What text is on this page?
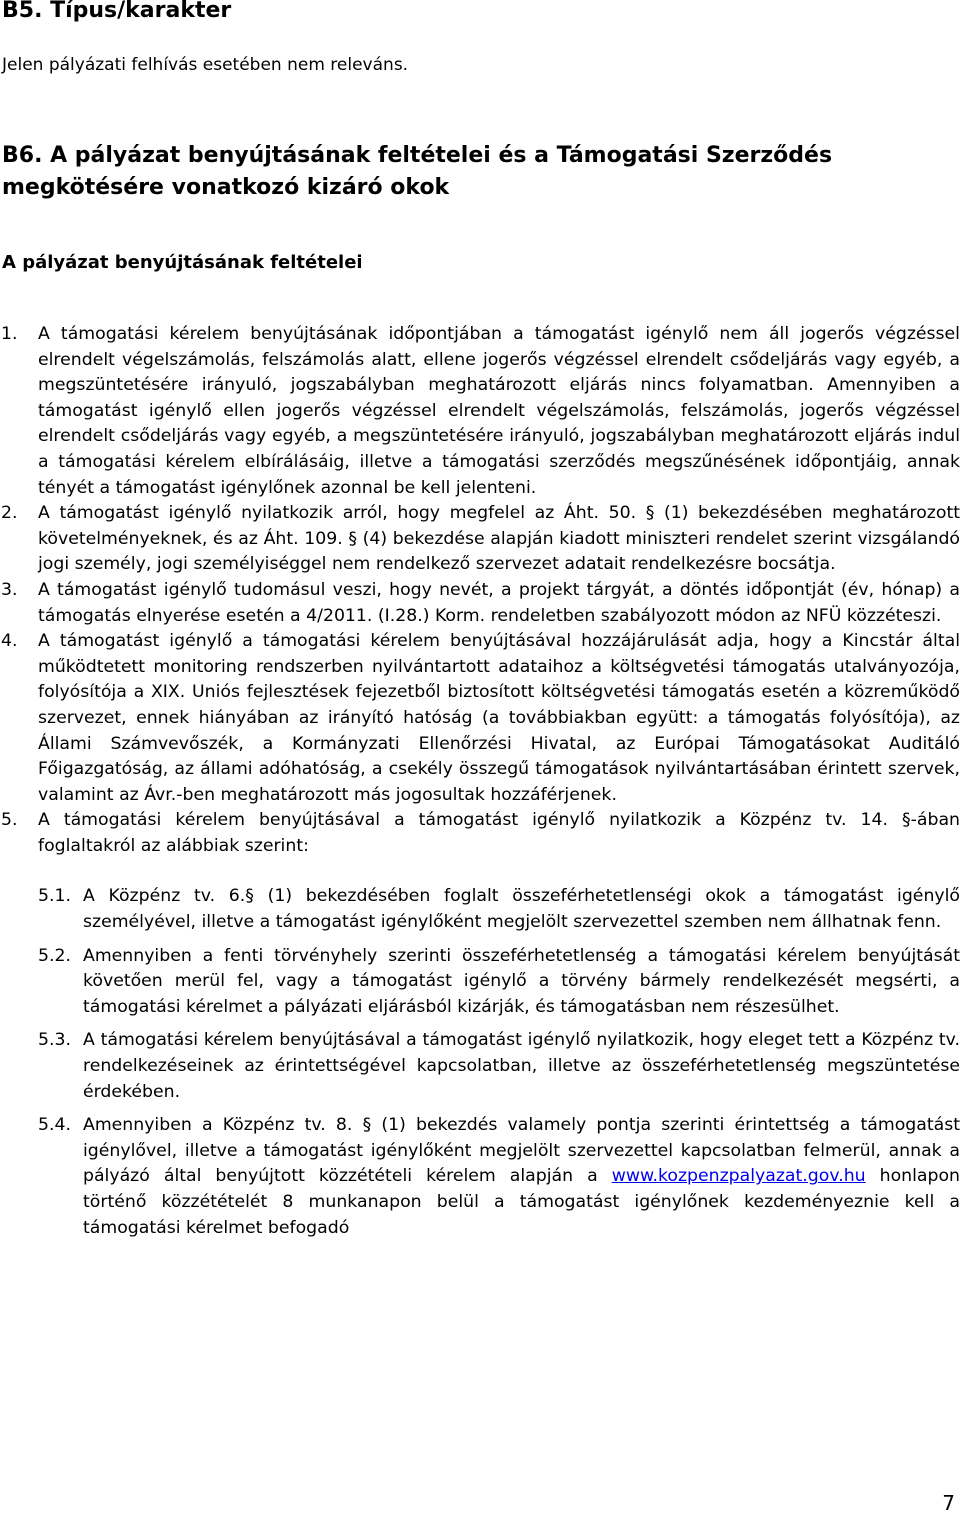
B5. Típus/karakter

Jelen pályázati felhívás esetében nem releváns.

B6. A pályázat benyújtásának feltételei és a Támogatási Szerződés megkötésére vonatkozó kizáró okok
A pályázat benyújtásának feltételei
1. A támogatási kérelem benyújtásának időpontjában a támogatást igénylő nem áll jogerős végzéssel elrendelt végelszámolás, felszámolás alatt, ellene jogerős végzéssel elrendelt csődeljárás vagy egyéb, a megszüntetésére irányuló, jogszabályban meghatározott eljárás nincs folyamatban. Amennyiben a támogatást igénylő ellen jogerős végzéssel elrendelt végelszámolás, felszámolás, jogerős végzéssel elrendelt csődeljárás vagy egyéb, a megszüntetésére irányuló, jogszabályban meghatározott eljárás indul a támogatási kérelem elbírálásáig, illetve a támogatási szerződés megszűnésének időpontjáig, annak tényét a támogatást igénylőnek azonnal be kell jelenteni.
2. A támogatást igénylő nyilatkozik arról, hogy megfelel az Áht. 50. § (1) bekezdésében meghatározott követelményeknek, és az Áht. 109. § (4) bekezdése alapján kiadott miniszteri rendelet szerint vizsgálandó jogi személy, jogi személyiséggel nem rendelkező szervezet adatait rendelkezésre bocsátja.
3. A támogatást igénylő tudomásul veszi, hogy nevét, a projekt tárgyát, a döntés időpontját (év, hónap) a támogatás elnyerése esetén a 4/2011. (I.28.) Korm. rendeletben szabályozott módon az NFÜ közzéteszi.
4. A támogatást igénylő a támogatási kérelem benyújtásával hozzájárulását adja, hogy a Kincstár által működtetett monitoring rendszerben nyilvántartott adataihoz a költségvetési támogatás utalványozója, folyósítója a XIX. Uniós fejlesztések fejezetből biztosított költségvetési támogatás esetén a közreműködő szervezet, ennek hiányában az irányító hatóság (a továbbiakban együtt: a támogatás folyósítója), az Állami Számvevőszék, a Kormányzati Ellenőrzési Hivatal, az Európai Támogatásokat Auditáló Főigazgatóság, az állami adóhatóság, a csekély összegű támogatások nyilvántartásában érintett szervek, valamint az Ávr.-ben meghatározott más jogosultak hozzáférjenek.
5. A támogatási kérelem benyújtásával a támogatást igénylő nyilatkozik a Közpénz tv. 14. §-ában foglaltakról az alábbiak szerint:
5.1. A Közpénz tv. 6.§ (1) bekezdésében foglalt összeférhetetlenségi okok a támogatást igénylő személyével, illetve a támogatást igénylőként megjelölt szervezettel szemben nem állhatnak fenn.
5.2. Amennyiben a fenti törvényhely szerinti összeférhetetlenség a támogatási kérelem benyújtását követően merül fel, vagy a támogatást igénylő a törvény bármely rendelkezését megsérti, a támogatási kérelmet a pályázati eljárásból kizárják, és támogatásban nem részesülhet.
5.3. A támogatási kérelem benyújtásával a támogatást igénylő nyilatkozik, hogy eleget tett a Közpénz tv. rendelkezéseinek az érintettségével kapcsolatban, illetve az összeférhetetlenség megszüntetése érdekében.
5.4. Amennyiben a Közpénz tv. 8. § (1) bekezdés valamely pontja szerinti érintettség a támogatást igénylővel, illetve a támogatást igénylőként megjelölt szervezettel kapcsolatban felmerül, annak a pályázó által benyújtott közzétételi kérelem alapján a www.kozpenzpalyazat.gov.hu honlapon történő közzétételét 8 munkanapon belül a támogatást igénylőnek kezdeményeznie kell a támogatási kérelmet befogadó
7
